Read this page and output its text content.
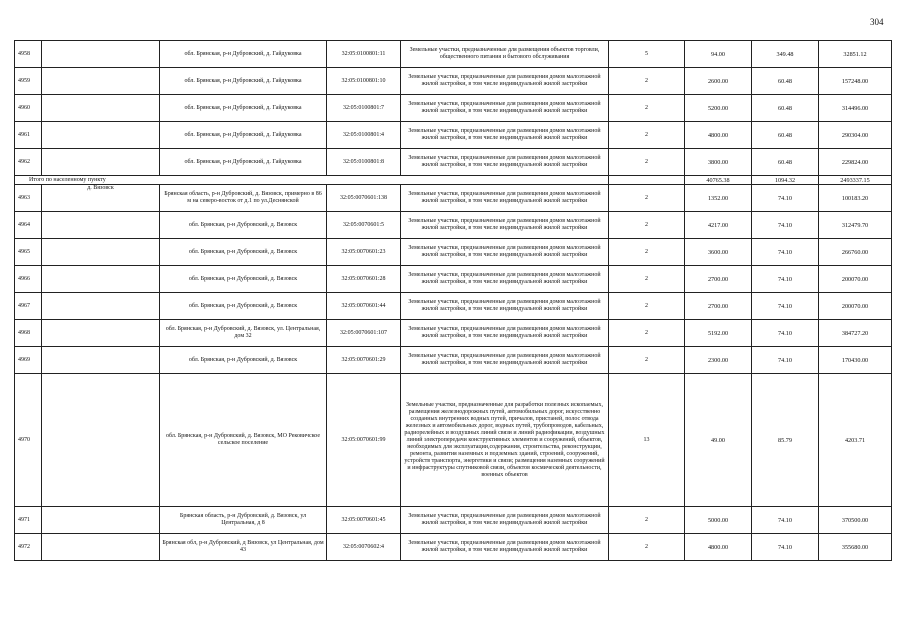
304
4958		обл. Брянская, р-н Дубровский, д. Гайдуковка	32:05:0100801:11	Земельные участки, предназначенные для размещения объектов торговли, общественного питания и бытового обслуживания	5	94.00	349.48	32851.12
4959		обл. Брянская, р-н Дубровский, д. Гайдуковка	32:05:0100801:10	Земельные участки, предназначенные для размещения домов малоэтажной жилой застройки, в том числе индивидуальной жилой застройки	2	2600.00	60.48	157248.00
4960		обл. Брянская, р-н Дубровский, д. Гайдуковка	32:05:0100801:7	Земельные участки, предназначенные для размещения домов малоэтажной жилой застройки, в том числе индивидуальной жилой застройки	2	5200.00	60.48	314496.00
4961		обл. Брянская, р-н Дубровский, д. Гайдуковка	32:05:0100801:4	Земельные участки, предназначенные для размещения домов малоэтажной жилой застройки, в том числе индивидуальной жилой застройки	2	4800.00	60.48	290304.00
4962		обл. Брянская, р-н Дубровский, д. Гайдуковка	32:05:0100801:8	Земельные участки, предназначенные для размещения домов малоэтажной жилой застройки, в том числе индивидуальной жилой застройки	2	3800.00	60.48	229824.00
Итого по населенному пункту						40765.38	1094.32	2493337.15
4963	д. Вязовск	Брянская область, р-н Дубровский, д. Вязовск, примерно в 86 м на северо-восток от д.1 по ул.Деснянской	32:05:0070601:138	Земельные участки, предназначенные для размещения домов малоэтажной жилой застройки, в том числе индивидуальной жилой застройки	2	1352.00	74.10	100183.20
4964		обл. Брянская, р-н Дубровский, д. Вязовск	32:05:0070601:5	Земельные участки, предназначенные для размещения домов малоэтажной жилой застройки, в том числе индивидуальной жилой застройки	2	4217.00	74.10	312479.70
4965		обл. Брянская, р-н Дубровский, д. Вязовск	32:05:0070601:23	Земельные участки, предназначенные для размещения домов малоэтажной жилой застройки, в том числе индивидуальной жилой застройки	2	3600.00	74.10	266760.00
4966		обл. Брянская, р-н Дубровский, д. Вязовск	32:05:0070601:28	Земельные участки, предназначенные для размещения домов малоэтажной жилой застройки, в том числе индивидуальной жилой застройки	2	2700.00	74.10	200070.00
4967		обл. Брянская, р-н Дубровский, д. Вязовск	32:05:0070601:44	Земельные участки, предназначенные для размещения домов малоэтажной жилой застройки, в том числе индивидуальной жилой застройки	2	2700.00	74.10	200070.00
4968		обл. Брянская, р-н Дубровский, д. Вязовск, ул. Центральная, дом 32	32:05:0070601:107	Земельные участки, предназначенные для размещения домов малоэтажной жилой застройки, в том числе индивидуальной жилой застройки	2	5192.00	74.10	384727.20
4969		обл. Брянская, р-н Дубровский, д. Вязовск	32:05:0070601:29	Земельные участки, предназначенные для размещения домов малоэтажной жилой застройки, в том числе индивидуальной жилой застройки	2	2300.00	74.10	170430.00
4970		обл. Брянская, р-н Дубровский, д. Вязовск, МО Рековичское сельское поселение	32:05:0070601:99	Земельные участки, предназначенные для разработки полезных ископаемых, размещения железнодорожных путей, автомобильных дорог, искусственно созданных внутренних водных путей, причалов, пристаней, полос отвода железных и автомобильных дорог, водных путей, трубопроводов, кабельных, радиорелейных и воздушных линий связи и линий радиофикации, воздушных линий электропередачи конструктивных элементов и сооружений, объектов, необходимых для эксплуатации,содержания, строительства, реконструкции, ремонта, развития наземных и подземных зданий, строений, сооружений, устройств транспорта, энергетики и связи; размещения наземных сооружений и инфраструктуры спутниковой связи, объектов космической деятельности, военных объектов	13	49.00	85.79	4203.71
4971		Брянская область, р-н Дубровский, д. Вязовск, ул Центральная, д 8	32:05:0070601:45	Земельные участки, предназначенные для размещения домов малоэтажной жилой застройки, в том числе индивидуальной жилой застройки	2	5000.00	74.10	370500.00
4972		Брянская обл, р-н Дубровский, д Вязовск, ул Центральная, дом 43	32:05:0070602:4	Земельные участки, предназначенные для размещения домов малоэтажной жилой застройки, в том числе индивидуальной жилой застройки	2	4800.00	74.10	355680.00
